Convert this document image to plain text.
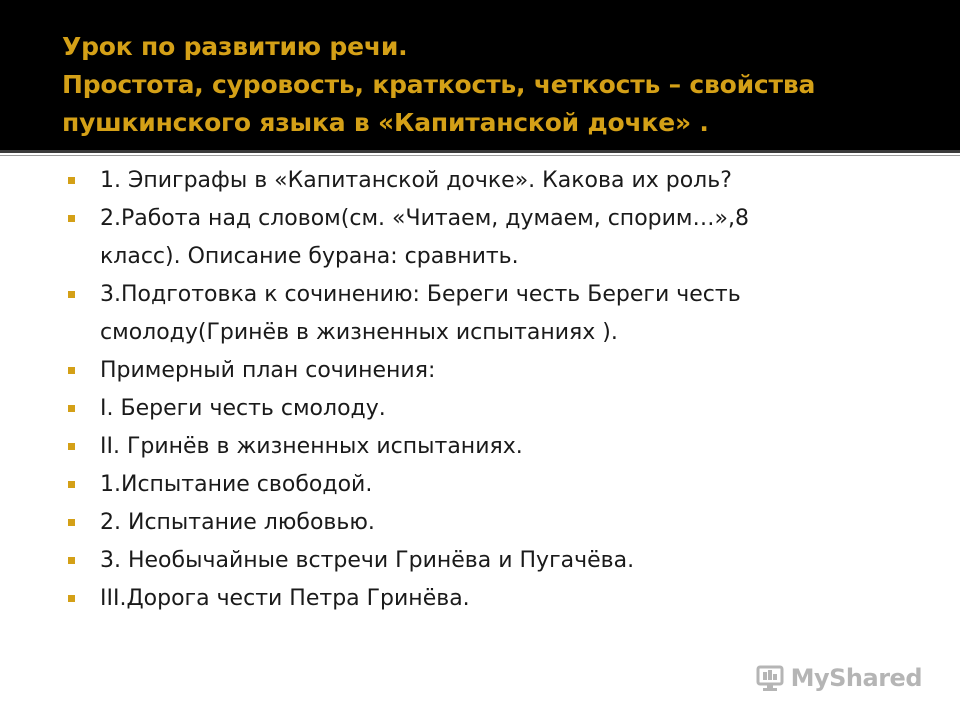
Урок по развитию речи.
Простота, суровость, краткость, четкость – свойства
пушкинского языка в «Капитанской дочке» .
1. Эпиграфы в «Капитанской дочке». Какова их роль?
2.Работа над словом(см. «Читаем, думаем, спорим…»,8
класс). Описание бурана: сравнить.
3.Подготовка к сочинению: Береги честь Береги честь
смолоду(Гринёв в жизненных испытаниях ).
Примерный план сочинения:
I. Береги честь смолоду.
II. Гринёв в жизненных испытаниях.
1.Испытание свободой.
2. Испытание любовью.
3. Необычайные встречи Гринёва и Пугачёва.
III.Дорога чести Петра Гринёва.
MyShared
